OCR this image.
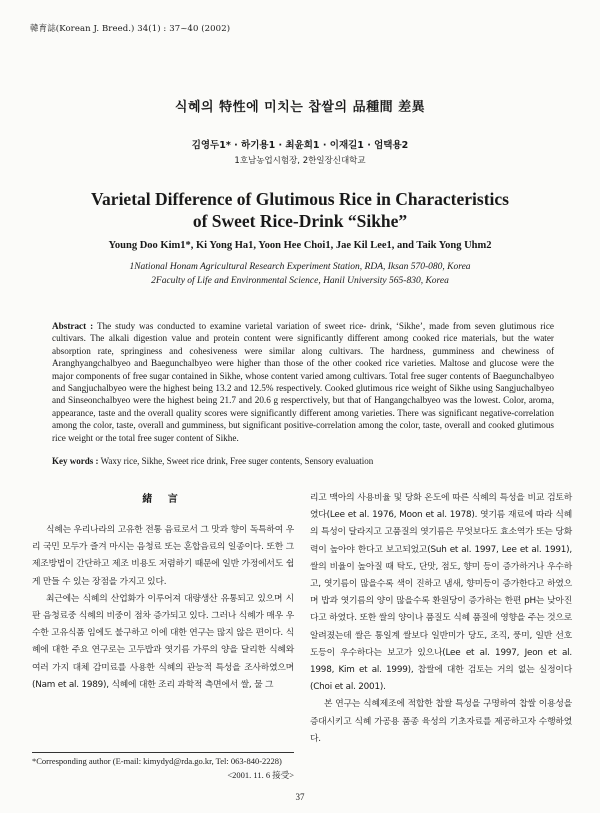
韓育誌(Korean J. Breed.) 34(1) : 37~40 (2002)
식혜의 特性에 미치는 찹쌀의 品種間 差異
김영두1* · 하기용1 · 최윤희1 · 이재길1 · 엄택용2
1호남농업시험장, 2한일장신대학교
Varietal Difference of Glutimous Rice in Characteristics
of Sweet Rice-Drink “Sikhe”
Young Doo Kim1*, Ki Yong Ha1, Yoon Hee Choi1, Jae Kil Lee1, and Taik Yong Uhm2
1National Honam Agricultural Research Experiment Station, RDA, Iksan 570-080, Korea
2Faculty of Life and Environmental Science, Hanil University 565-830, Korea
Abstract : The study was conducted to examine varietal variation of sweet rice- drink, ‘Sikhe’, made from seven glutimous rice cultivars. The alkali digestion value and protein content were significantly different among cooked rice materials, but the water absorption rate, springiness and cohesiveness were similar along cultivars. The hardness, gumminess and chewiness of Aranghyangchalbyeo and Baegunchalbyeo were higher than those of the other cooked rice varieties. Maltose and glucose were the major components of free sugar contained in Sikhe, whose content varied among cultivars. Total free suger contents of Baegunchalbyeo and Sangjuchalbyeo were the highest being 13.2 and 12.5% respectively. Cooked glutimous rice weight of Sikhe using Sangjuchalbyeo and Sinseonchalbyeo were the highest being 21.7 and 20.6 g resperctively, but that of Hangangchalbyeo was the lowest. Color, aroma, appearance, taste and the overall quality scores were significantly different among varieties. There was significant negative-correlation among the color, taste, overall and gumminess, but significant positive-correlation among the color, taste, overall and cooked glutimous rice weight or the total free suger content of Sikhe.
Key words : Waxy rice, Sikhe, Sweet rice drink, Free suger contents, Sensory evaluation
緒 言

식혜는 우리나라의 고유한 전통 음료로서 그 맛과 향이 독특하여 우리 국민 모두가 즐겨 마시는 음청료 또는 혼합음료의 일종이다. 또한 그 제조방법이 간단하고 제조 비용도 저렴하기 때문에 일반 가정에서도 쉽게 만들 수 있는 장점을 가지고 있다.

최근에는 식혜의 산업화가 이루어져 대량생산 유통되고 있으며 시판 음청료중 식혜의 비중이 점차 증가되고 있다. 그러나 식혜가 매우 우수한 고유식품 임에도 불구하고 이에 대한 연구는 많지 않은 편이다. 식혜에 대한 주요 연구로는 고두밥과 엿기름 가루의 양을 달리한 식혜와 여러 가지 대체 감미료를 사용한 식혜의 관능적 특성을 조사하였으며(Nam et al. 1989), 식혜에 대한 조리 과학적 측면에서 쌀, 물 그

리고 맥아의 사용비율 및 당화 온도에 따른 식혜의 특성을 비교 검토하였다(Lee et al. 1976, Moon et al. 1978). 엿기름 재료에 따라 식혜의 특성이 달라지고 고품질의 엿기름은 무엇보다도 효소역가 또는 당화력이 높아야 한다고 보고되었고(Suh et al. 1997, Lee et al. 1991), 쌀의 비율이 높아질 때 탁도, 단맛, 점도, 향미 등이 증가하거나 우수하고, 엿기름이 많을수록 색이 진하고 냄새, 향미등이 증가한다고 하였으며 밥과 엿기름의 양이 많을수록 환원당이 증가하는 한편 pH는 낮아진다고 하였다. 또한 쌀의 양이나 품질도 식혜 품질에 영향을 주는 것으로 알려졌는데 쌀은 통일계 쌀보다 일반미가 당도, 조직, 풍미, 일반 선호도등이 우수하다는 보고가 있으나(Lee et al. 1997, Jeon et al. 1998, Kim et al. 1999), 찹쌀에 대한 검토는 거의 없는 실정이다(Choi et al. 2001).

본 연구는 식혜제조에 적합한 찹쌀 특성을 구명하여 찹쌀 이용성을 증대시키고 식혜 가공용 품종 육성의 기초자료를 제공하고자 수행하였다.

*Corresponding author (E-mail: kimydyd@rda.go.kr, Tel: 063-840-2228)
<2001. 11. 6 接受>
37
